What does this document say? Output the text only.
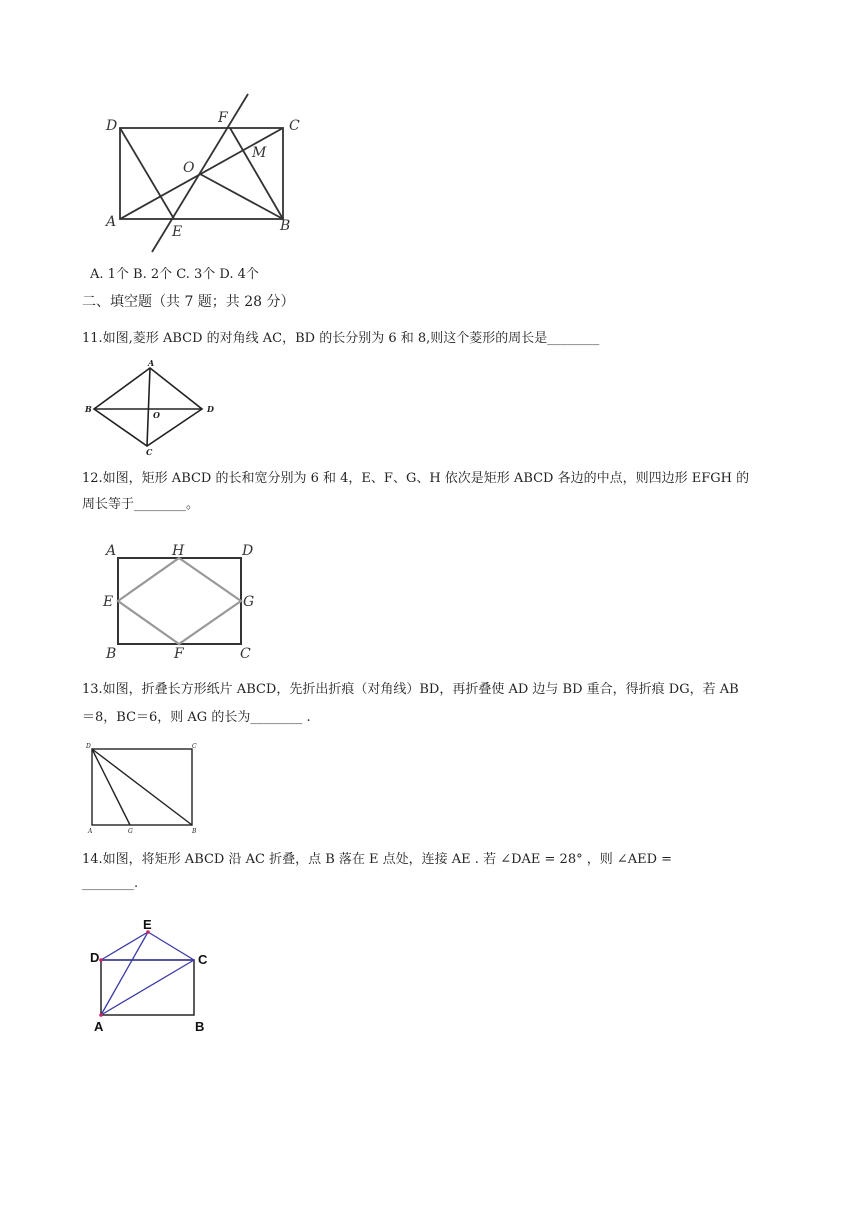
D	F	C
O
M
A
E	B
A. 1个 B. 2个 C. 3个 D. 4个
二、填空题（共 7 题；共 28 分）
11.如图,菱形 ABCD 的对角线 AC，BD 的长分别为 6 和 8,则这个菱形的周长是________
A
B
C
D
O
12.如图，矩形 ABCD 的长和宽分别为 6 和 4，E、F、G、H 依次是矩形 ABCD 各边的中点，则四边形 EFGH 的
周长等于________。
A	H	D
E	G
B	F	C
13.如图，折叠长方形纸片 ABCD，先折出折痕（对角线）BD，再折叠使 AD 边与 BD 重合，得折痕 DG，若 AB
＝8，BC＝6，则 AG 的长为________ .
D	C
A	G	B
14.如图，将矩形 ABCD 沿 AC 折叠，点 B 落在 E 点处，连接 AE . 若 ∠DAE = 28° ，则 ∠AED =
________.
E
D	C
A	B
